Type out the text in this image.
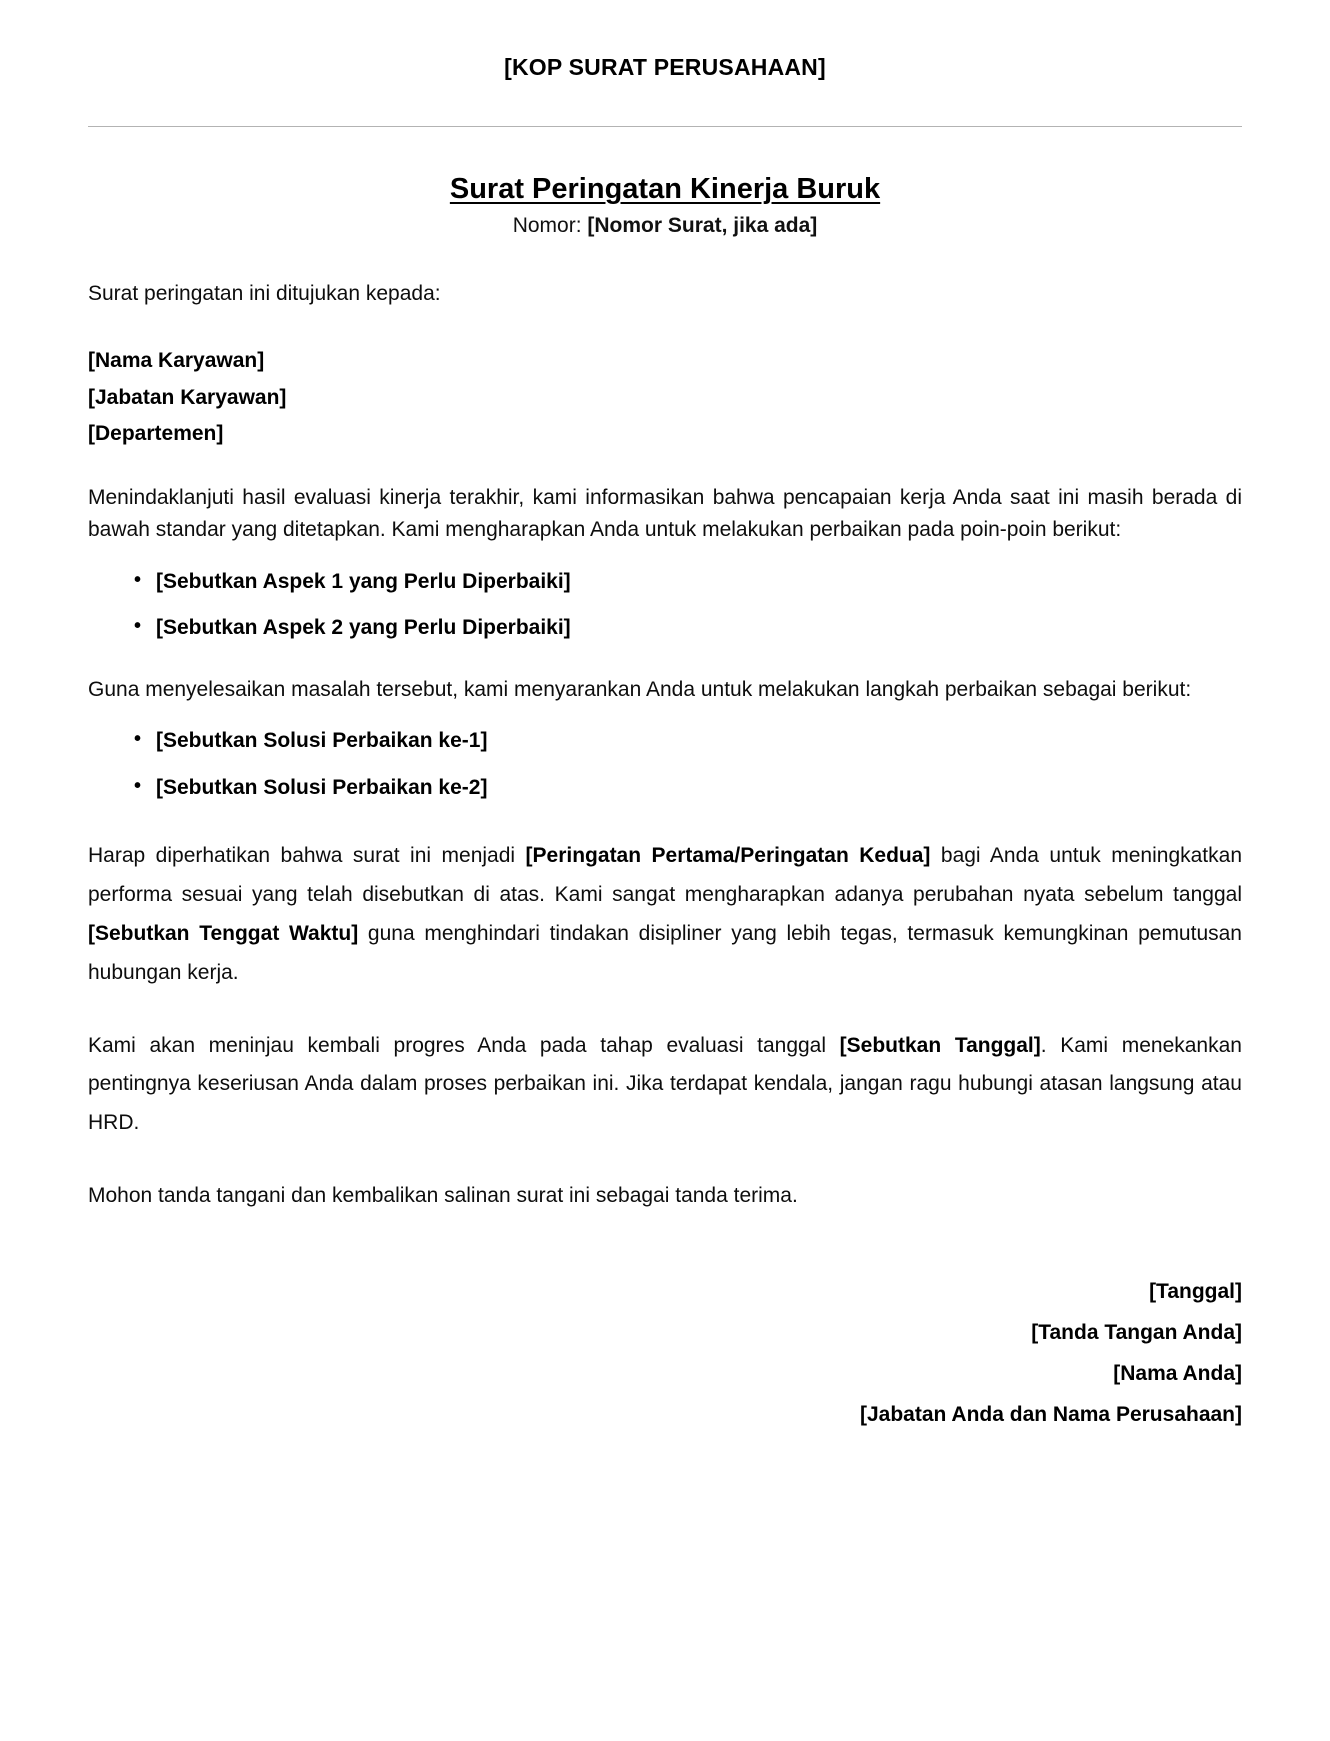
[KOP SURAT PERUSAHAAN]
Surat Peringatan Kinerja Buruk
Nomor: [Nomor Surat, jika ada]
Surat peringatan ini ditujukan kepada:
[Nama Karyawan]
[Jabatan Karyawan]
[Departemen]

Menindaklanjuti hasil evaluasi kinerja terakhir, kami informasikan bahwa pencapaian kerja Anda saat ini masih berada di bawah standar yang ditetapkan. Kami mengharapkan Anda untuk melakukan perbaikan pada poin-poin berikut:

• [Sebutkan Aspek 1 yang Perlu Diperbaiki]
• [Sebutkan Aspek 2 yang Perlu Diperbaiki]

Guna menyelesaikan masalah tersebut, kami menyarankan Anda untuk melakukan langkah perbaikan sebagai berikut:

• [Sebutkan Solusi Perbaikan ke-1]
• [Sebutkan Solusi Perbaikan ke-2]

Harap diperhatikan bahwa surat ini menjadi [Peringatan Pertama/Peringatan Kedua] bagi Anda untuk meningkatkan performa sesuai yang telah disebutkan di atas. Kami sangat mengharapkan adanya perubahan nyata sebelum tanggal [Sebutkan Tenggat Waktu] guna menghindari tindakan disipliner yang lebih tegas, termasuk kemungkinan pemutusan hubungan kerja.

Kami akan meninjau kembali progres Anda pada tahap evaluasi tanggal [Sebutkan Tanggal]. Kami menekankan pentingnya keseriusan Anda dalam proses perbaikan ini. Jika terdapat kendala, jangan ragu hubungi atasan langsung atau HRD.

Mohon tanda tangani dan kembalikan salinan surat ini sebagai tanda terima.

[Tanggal]
[Tanda Tangan Anda]
[Nama Anda]
[Jabatan Anda dan Nama Perusahaan]
